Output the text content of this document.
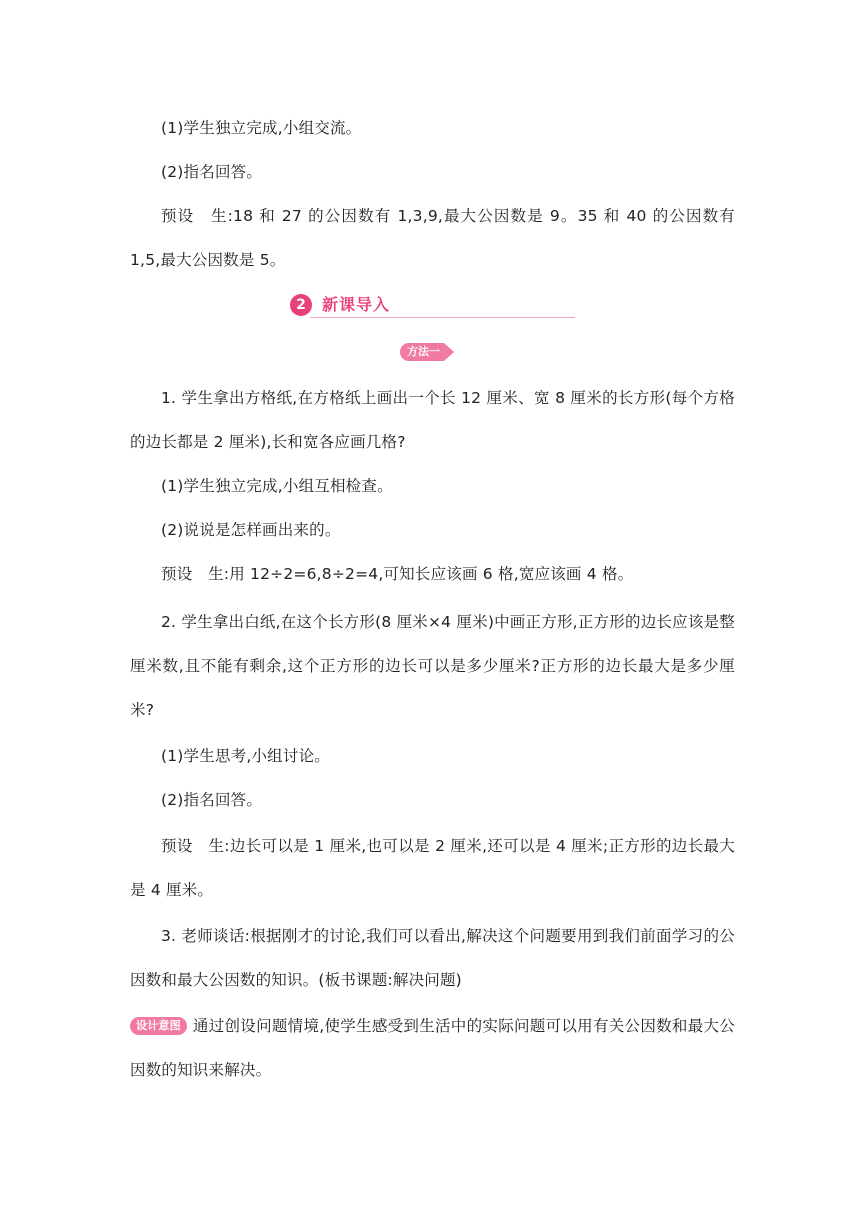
(1)学生独立完成,小组交流。

(2)指名回答。

预设　生:18 和 27 的公因数有 1,3,9,最大公因数是 9。35 和 40 的公因数有 1,5,最大公因数是 5。

2	新课导入
方法一

1. 学生拿出方格纸,在方格纸上画出一个长 12 厘米、宽 8 厘米的长方形(每个方格的边长都是 2 厘米),长和宽各应画几格?

(1)学生独立完成,小组互相检查。

(2)说说是怎样画出来的。

预设　生:用 12÷2=6,8÷2=4,可知长应该画 6 格,宽应该画 4 格。

2. 学生拿出白纸,在这个长方形(8 厘米×4 厘米)中画正方形,正方形的边长应该是整厘米数,且不能有剩余,这个正方形的边长可以是多少厘米?正方形的边长最大是多少厘米?

(1)学生思考,小组讨论。

(2)指名回答。

预设　生:边长可以是 1 厘米,也可以是 2 厘米,还可以是 4 厘米;正方形的边长最大是 4 厘米。

3. 老师谈话:根据刚才的讨论,我们可以看出,解决这个问题要用到我们前面学习的公因数和最大公因数的知识。(板书课题:解决问题)

设计意图 通过创设问题情境,使学生感受到生活中的实际问题可以用有关公因数和最大公因数的知识来解决。
